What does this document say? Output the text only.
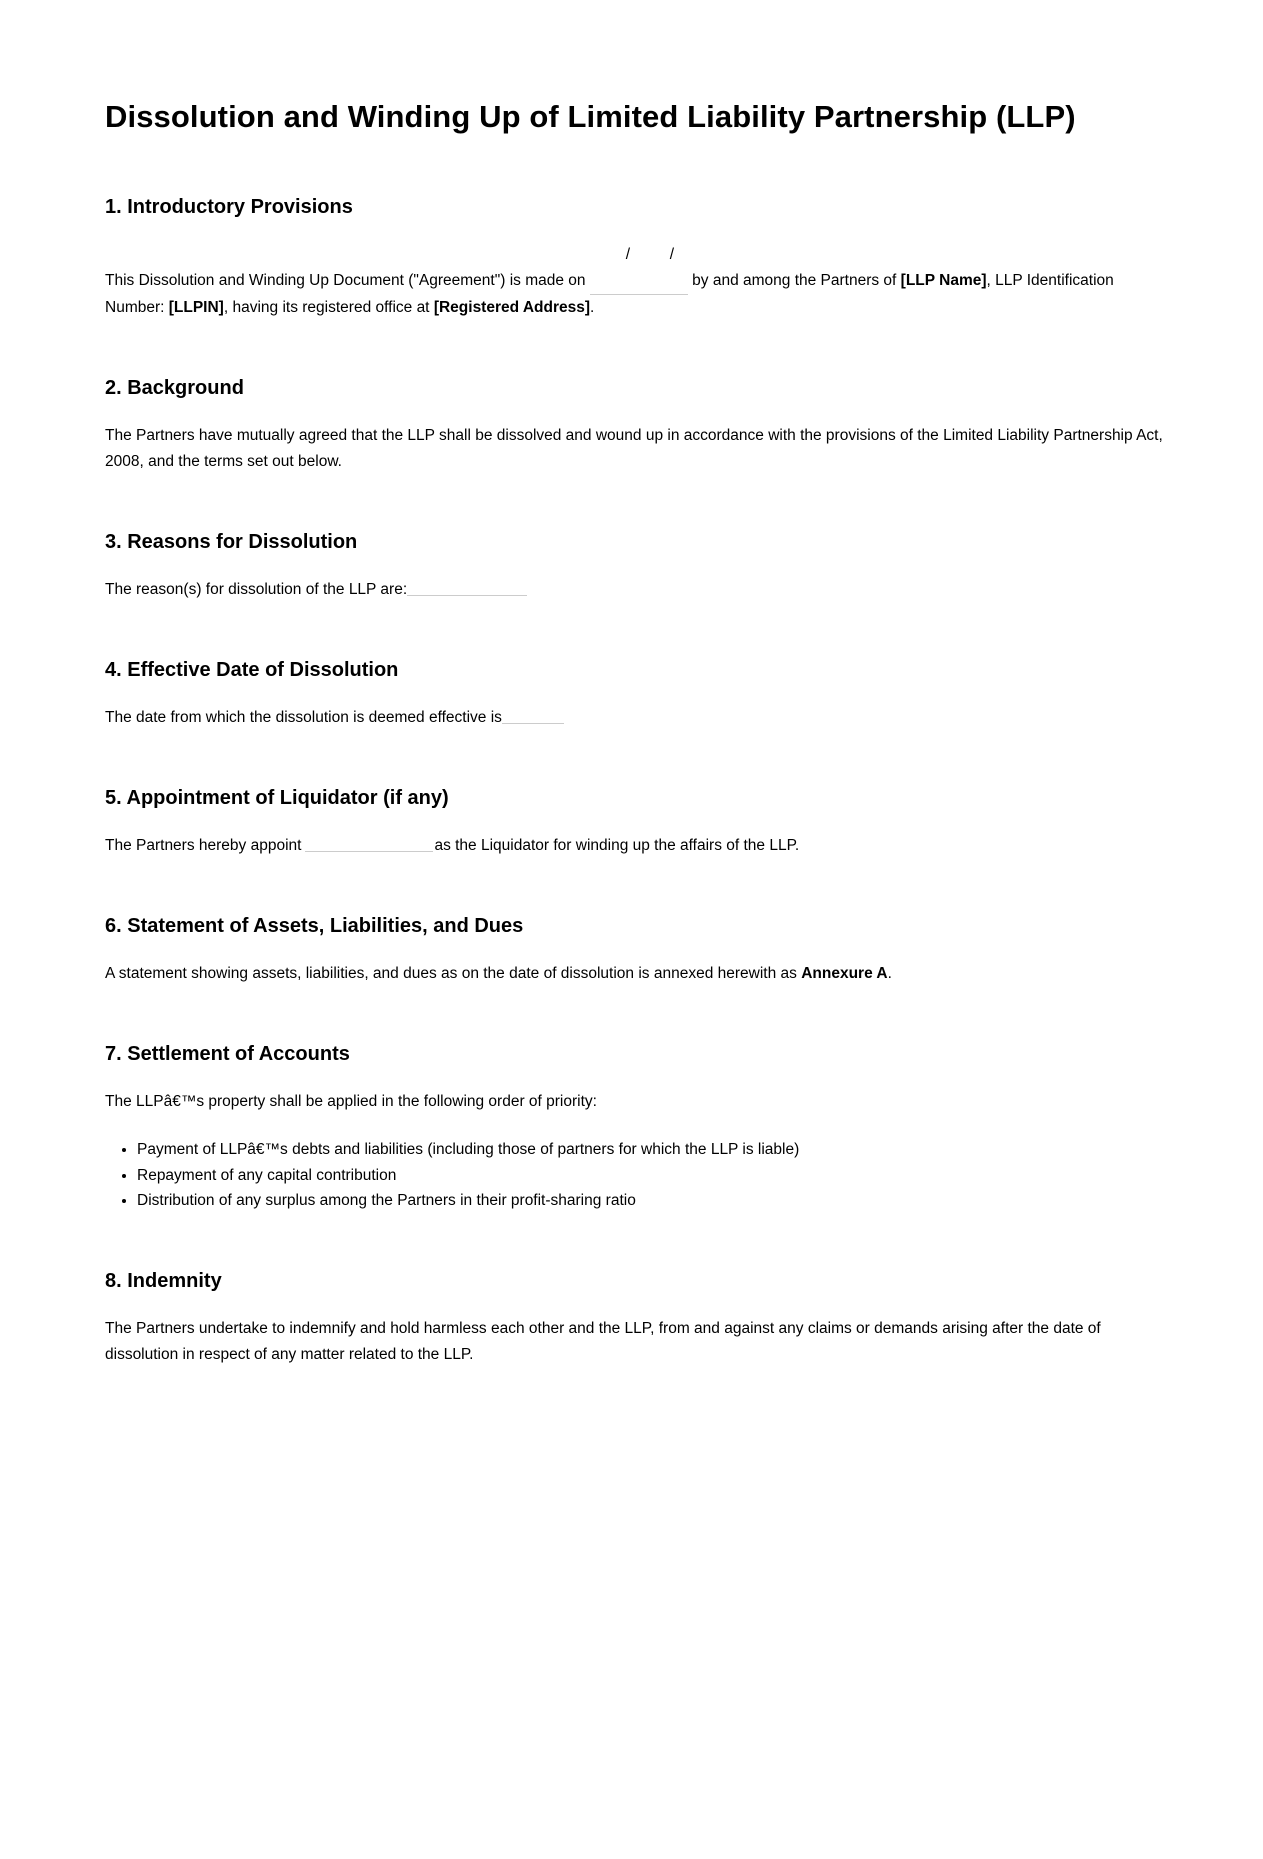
Dissolution and Winding Up of Limited Liability Partnership (LLP)
1. Introductory Provisions

This Dissolution and Winding Up Document ("Agreement") is made on /	/ by and among the Partners of [LLP Name], LLP Identification Number: [LLPIN], having its registered office at [Registered Address].

2. Background

The Partners have mutually agreed that the LLP shall be dissolved and wound up in accordance with the provisions of the Limited Liability Partnership Act, 2008, and the terms set out below.

3. Reasons for Dissolution

The reason(s) for dissolution of the LLP are:

4. Effective Date of Dissolution

The date from which the dissolution is deemed effective is

5. Appointment of Liquidator (if any)

The Partners hereby appoint	as the Liquidator for winding up the affairs of the LLP.

6. Statement of Assets, Liabilities, and Dues

A statement showing assets, liabilities, and dues as on the date of dissolution is annexed herewith as Annexure A.

7. Settlement of Accounts

The LLPâ€™s property shall be applied in the following order of priority:

• Payment of LLPâ€™s debts and liabilities (including those of partners for which the LLP is liable)
• Repayment of any capital contribution
• Distribution of any surplus among the Partners in their profit-sharing ratio
8. Indemnity

The Partners undertake to indemnify and hold harmless each other and the LLP, from and against any claims or demands arising after the date of dissolution in respect of any matter related to the LLP.
